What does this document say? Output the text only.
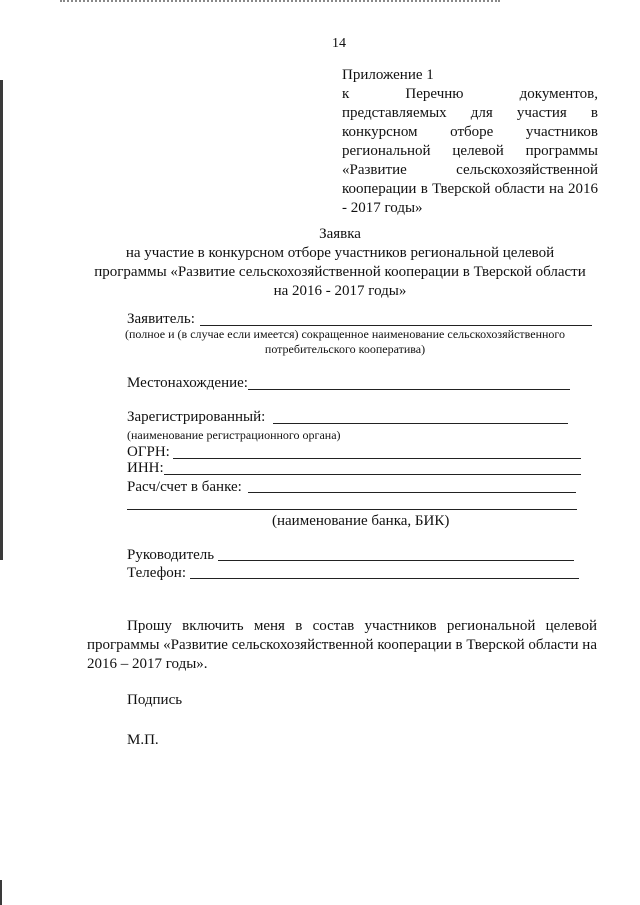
14
Приложение 1
к Перечню документов, представляемых для участия в конкурсном отборе участников региональной целевой программы «Развитие сельскохозяйственной кооперации в Тверской области на 2016 - 2017 годы»
Заявка
на участие в конкурсном отборе участников региональной целевой
программы «Развитие сельскохозяйственной кооперации в Тверской области
на 2016 - 2017 годы»
Заявитель:
(полное и (в случае если имеется) сокращенное наименование сельскохозяйственного потребительского кооператива)
Местонахождение:
Зарегистрированный:
(наименование регистрационного органа)
ОГРН:
ИНН:
Расч/счет в банке:
(наименование банка, БИК)
Руководитель
Телефон:
Прошу включить меня в состав участников региональной целевой программы «Развитие сельскохозяйственной кооперации в Тверской области на 2016 – 2017 годы».
Подпись
М.П.
